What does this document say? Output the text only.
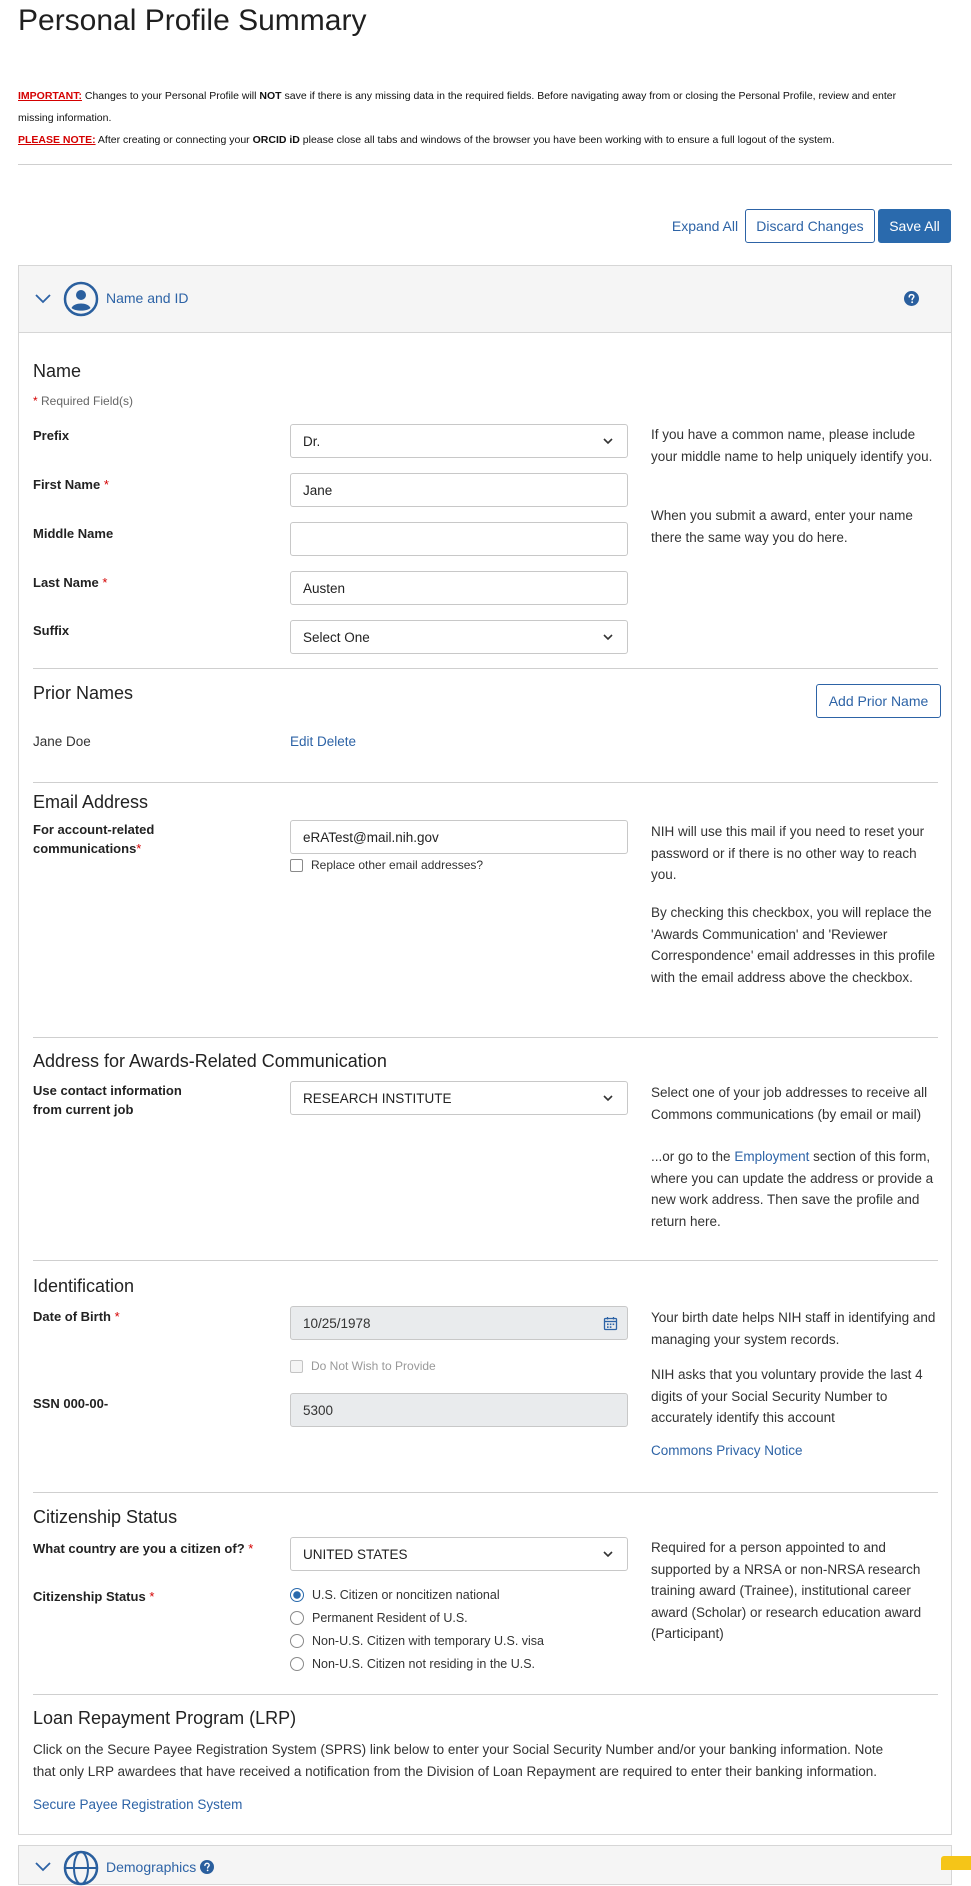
Personal Profile Summary
IMPORTANT: Changes to your Personal Profile will NOT save if there is any missing data in the required fields. Before navigating away from or closing the Personal Profile, review and enter
missing information.
PLEASE NOTE: After creating or connecting your ORCID iD please close all tabs and windows of the browser you have been working with to ensure a full logout of the system.
Expand All	Discard Changes	Save All
Name and ID
Name
* Required Field(s)
Prefix	Dr.
First Name *	Jane
Middle Name
Last Name *	Austen
Suffix	Select One
If you have a common name, please include your middle name to help uniquely identify you.
When you submit a award, enter your name there the same way you do here.
Prior Names	Add Prior Name
Jane Doe	Edit Delete
Email Address
For account-related
communications*
eRATest@mail.nih.gov
Replace other email addresses?
NIH will use this mail if you need to reset your password or if there is no other way to reach you.
By checking this checkbox, you will replace the 'Awards Communication' and 'Reviewer Correspondence' email addresses in this profile with the email address above the checkbox.
Address for Awards-Related Communication
Use contact information
from current job
RESEARCH INSTITUTE	Select one of your job addresses to receive all Commons communications (by email or mail)
...or go to the Employment section of this form, where you can update the address or provide a new work address. Then save the profile and return here.
Identification
Date of Birth *	10/25/1978
Do Not Wish to Provide
SSN 000-00-	5300
Your birth date helps NIH staff in identifying and managing your system records.
NIH asks that you voluntary provide the last 4 digits of your Social Security Number to accurately identify this account
Commons Privacy Notice
Citizenship Status
What country are you a citizen of? *	UNITED STATES
Citizenship Status *	U.S. Citizen or noncitizen national
Permanent Resident of U.S.
Non-U.S. Citizen with temporary U.S. visa
Non-U.S. Citizen not residing in the U.S.
Required for a person appointed to and supported by a NRSA or non-NRSA research training award (Trainee), institutional career award (Scholar) or research education award (Participant)
Loan Repayment Program (LRP)
Click on the Secure Payee Registration System (SPRS) link below to enter your Social Security Number and/or your banking information. Note
that only LRP awardees that have received a notification from the Division of Loan Repayment are required to enter their banking information.
Secure Payee Registration System
Demographics
